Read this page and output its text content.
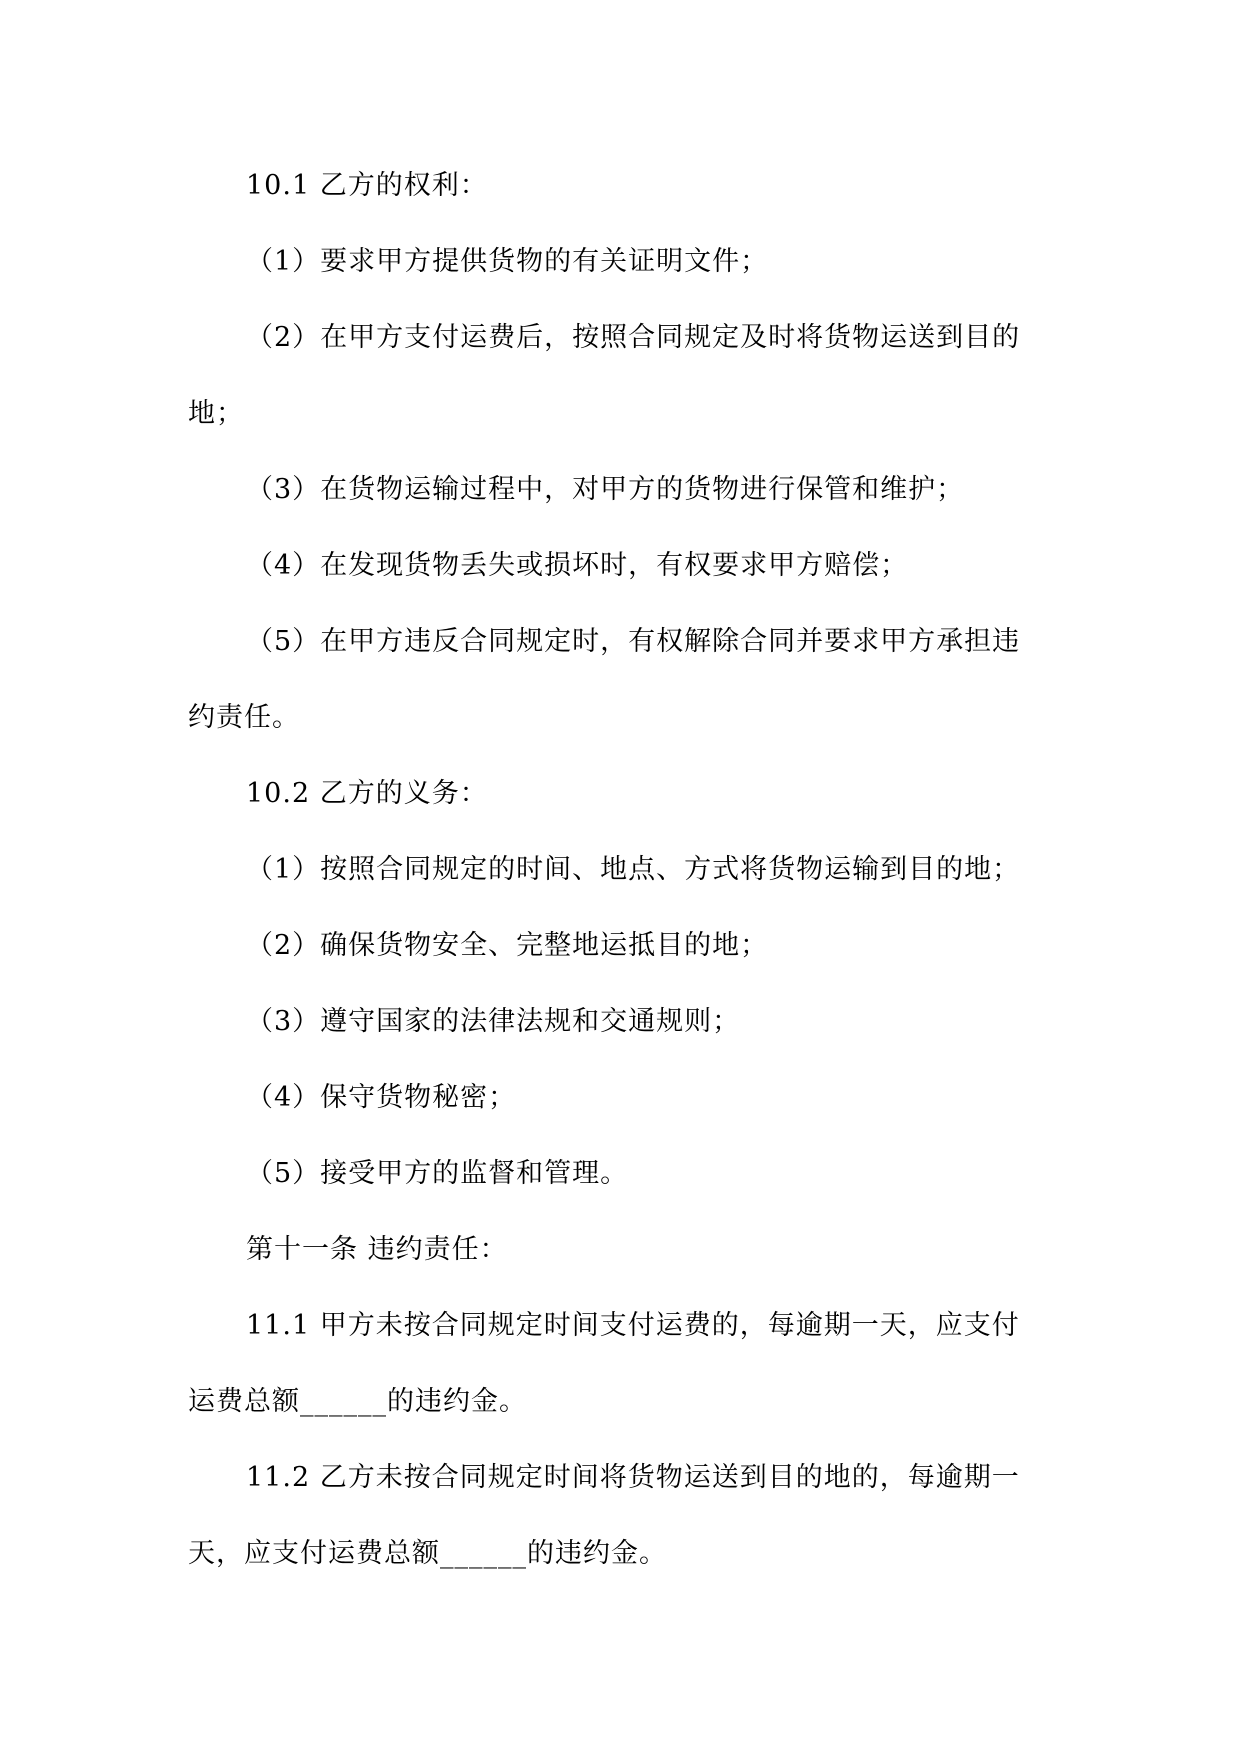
10.1 乙方的权利：
（1）要求甲方提供货物的有关证明文件；
（2）在甲方支付运费后，按照合同规定及时将货物运送到目的
地；
（3）在货物运输过程中，对甲方的货物进行保管和维护；
（4）在发现货物丢失或损坏时，有权要求甲方赔偿；
（5）在甲方违反合同规定时，有权解除合同并要求甲方承担违
约责任。
10.2 乙方的义务：
（1）按照合同规定的时间、地点、方式将货物运输到目的地；
（2）确保货物安全、完整地运抵目的地；
（3）遵守国家的法律法规和交通规则；
（4）保守货物秘密；
（5）接受甲方的监督和管理。
第十一条 违约责任：
11.1 甲方未按合同规定时间支付运费的，每逾期一天，应支付
运费总额______的违约金。
11.2 乙方未按合同规定时间将货物运送到目的地的，每逾期一
天，应支付运费总额______的违约金。
